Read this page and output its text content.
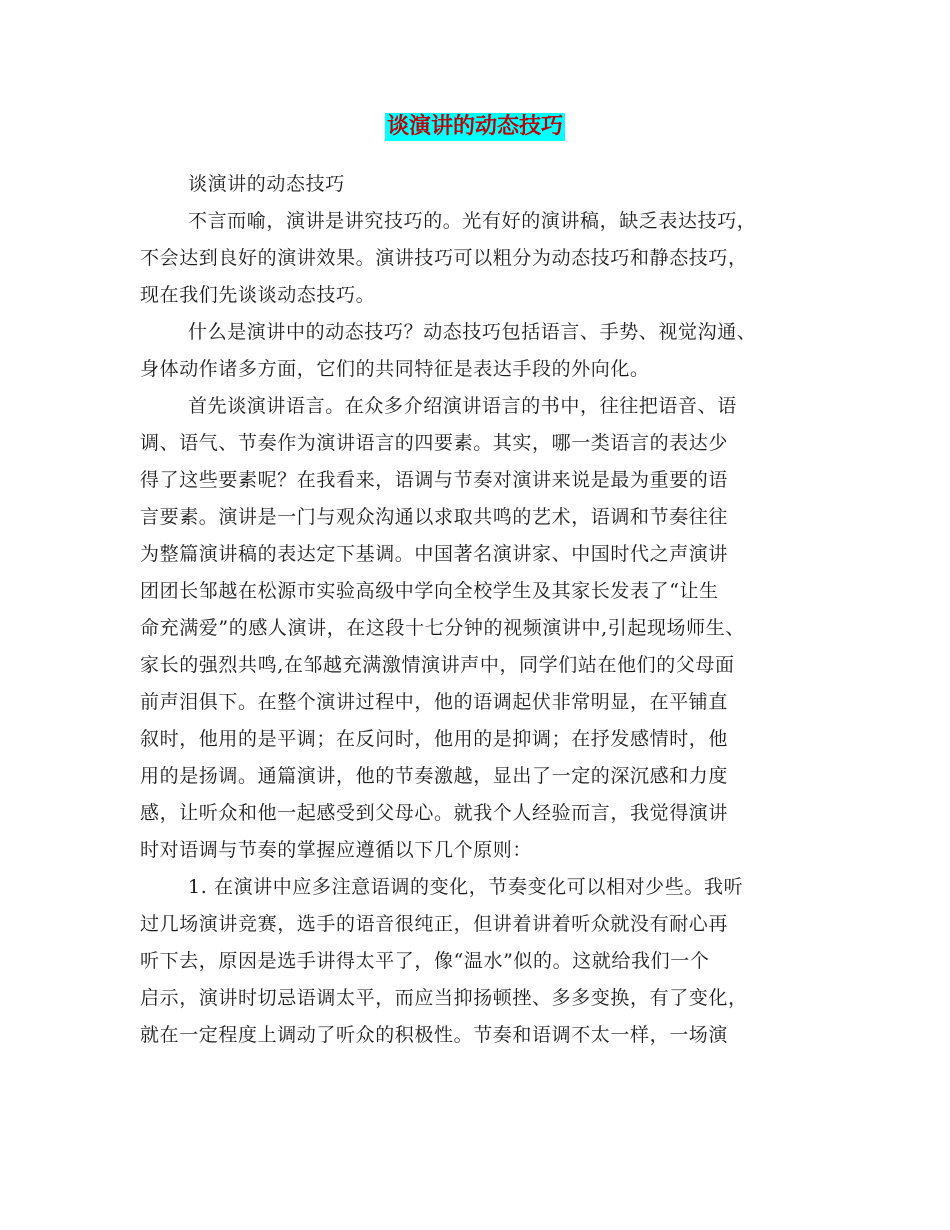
谈演讲的动态技巧
谈演讲的动态技巧
不言而喻，演讲是讲究技巧的。光有好的演讲稿，缺乏表达技巧，
不会达到良好的演讲效果。演讲技巧可以粗分为动态技巧和静态技巧，
现在我们先谈谈动态技巧。
什么是演讲中的动态技巧？动态技巧包括语言、手势、视觉沟通、
身体动作诸多方面，它们的共同特征是表达手段的外向化。
首先谈演讲语言。在众多介绍演讲语言的书中，往往把语音、语
调、语气、节奏作为演讲语言的四要素。其实，哪一类语言的表达少
得了这些要素呢？在我看来，语调与节奏对演讲来说是最为重要的语
言要素。演讲是一门与观众沟通以求取共鸣的艺术，语调和节奏往往
为整篇演讲稿的表达定下基调。中国著名演讲家、中国时代之声演讲
团团长邹越在松源市实验高级中学向全校学生及其家长发表了“让生
命充满爱”的感人演讲，在这段十七分钟的视频演讲中,引起现场师生、
家长的强烈共鸣,在邹越充满激情演讲声中，同学们站在他们的父母面
前声泪俱下。在整个演讲过程中，他的语调起伏非常明显，在平铺直
叙时，他用的是平调；在反问时，他用的是抑调；在抒发感情时，他
用的是扬调。通篇演讲，他的节奏激越，显出了一定的深沉感和力度
感，让听众和他一起感受到父母心。就我个人经验而言，我觉得演讲
时对语调与节奏的掌握应遵循以下几个原则：
1. 在演讲中应多注意语调的变化，节奏变化可以相对少些。我听
过几场演讲竞赛，选手的语音很纯正，但讲着讲着听众就没有耐心再
听下去，原因是选手讲得太平了，像“温水”似的。这就给我们一个
启示，演讲时切忌语调太平，而应当抑扬顿挫、多多变换，有了变化，
就在一定程度上调动了听众的积极性。节奏和语调不太一样，一场演
